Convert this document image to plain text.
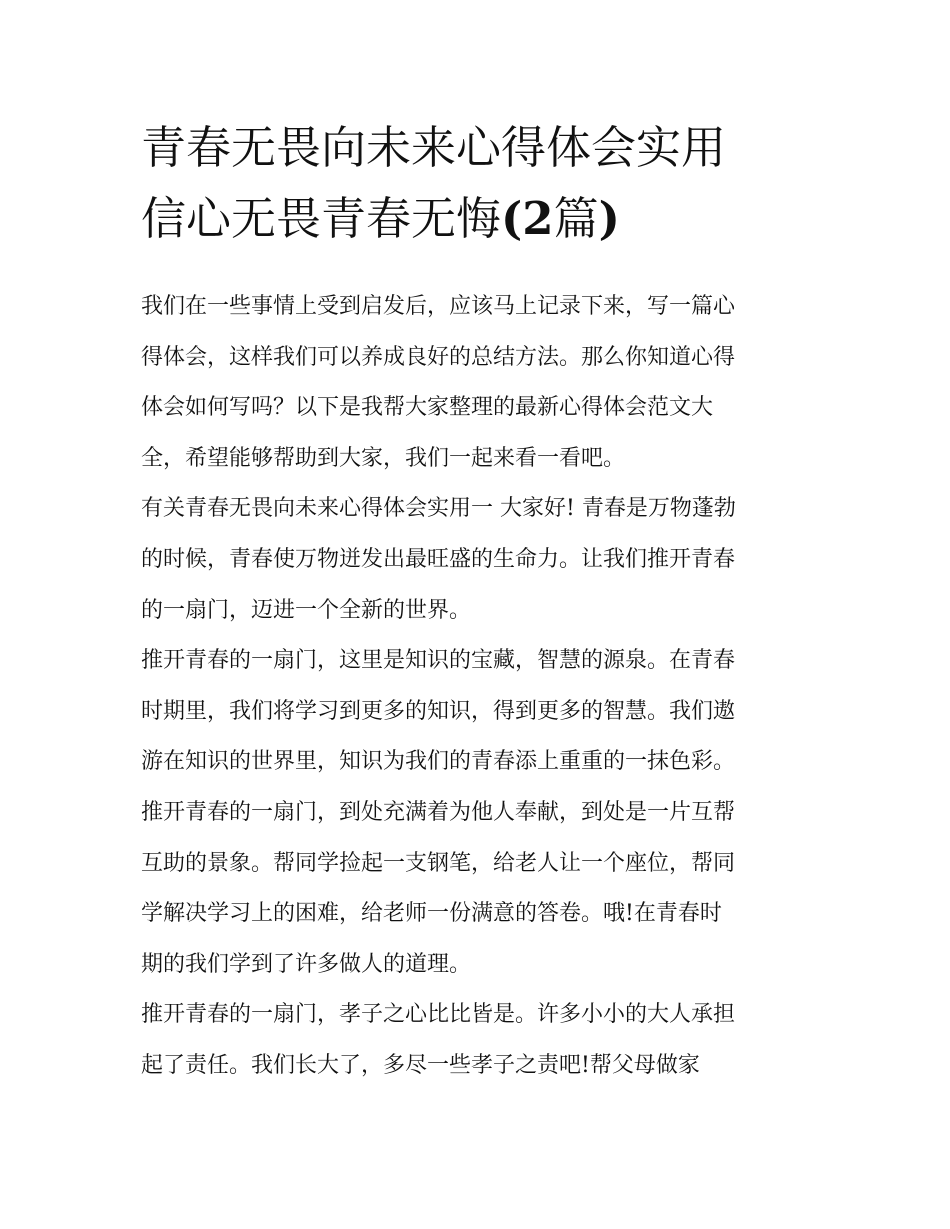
青春无畏向未来心得体会实用
信心无畏青春无悔(2篇)
我们在一些事情上受到启发后，应该马上记录下来，写一篇心
得体会，这样我们可以养成良好的总结方法。那么你知道心得
体会如何写吗？以下是我帮大家整理的最新心得体会范文大
全，希望能够帮助到大家，我们一起来看一看吧。
有关青春无畏向未来心得体会实用一 大家好! 青春是万物蓬勃
的时候，青春使万物迸发出最旺盛的生命力。让我们推开青春
的一扇门，迈进一个全新的世界。
推开青春的一扇门，这里是知识的宝藏，智慧的源泉。在青春
时期里，我们将学习到更多的知识，得到更多的智慧。我们遨
游在知识的世界里，知识为我们的青春添上重重的一抹色彩。
推开青春的一扇门，到处充满着为他人奉献，到处是一片互帮
互助的景象。帮同学捡起一支钢笔，给老人让一个座位，帮同
学解决学习上的困难，给老师一份满意的答卷。哦!在青春时
期的我们学到了许多做人的道理。
推开青春的一扇门，孝子之心比比皆是。许多小小的大人承担
起了责任。我们长大了，多尽一些孝子之责吧!帮父母做家
